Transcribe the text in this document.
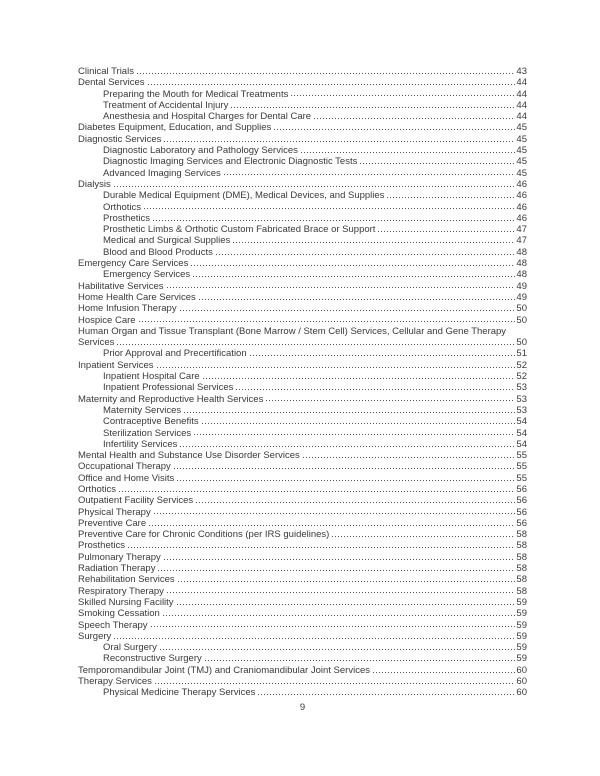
Clinical Trials	43
Dental Services	44
Preparing the Mouth for Medical Treatments	44
Treatment of Accidental Injury	44
Anesthesia and Hospital Charges for Dental Care	44
Diabetes Equipment, Education, and Supplies	45
Diagnostic Services	45
Diagnostic Laboratory and Pathology Services	45
Diagnostic Imaging Services and Electronic Diagnostic Tests	45
Advanced Imaging Services	45
Dialysis	46
Durable Medical Equipment (DME), Medical Devices, and Supplies	46
Orthotics	46
Prosthetics	46
Prosthetic Limbs & Orthotic Custom Fabricated Brace or Support	47
Medical and Surgical Supplies	47
Blood and Blood Products	48
Emergency Care Services	48
Emergency Services	48
Habilitative Services	49
Home Health Care Services	49
Home Infusion Therapy	50
Hospice Care	50
Human Organ and Tissue Transplant (Bone Marrow / Stem Cell) Services, Cellular and Gene Therapy
Services	50
Prior Approval and Precertification	51
Inpatient Services	52
Inpatient Hospital Care	52
Inpatient Professional Services	53
Maternity and Reproductive Health Services	53
Maternity Services	53
Contraceptive Benefits	54
Sterilization Services	54
Infertility Services	54
Mental Health and Substance Use Disorder Services	55
Occupational Therapy	55
Office and Home Visits	55
Orthotics	56
Outpatient Facility Services	56
Physical Therapy	56
Preventive Care	56
Preventive Care for Chronic Conditions (per IRS guidelines)	58
Prosthetics	58
Pulmonary Therapy	58
Radiation Therapy	58
Rehabilitation Services	58
Respiratory Therapy	58
Skilled Nursing Facility	59
Smoking Cessation	59
Speech Therapy	59
Surgery	59
Oral Surgery	59
Reconstructive Surgery	59
Temporomandibular Joint (TMJ) and Craniomandibular Joint Services	60
Therapy Services	60
Physical Medicine Therapy Services	60
9
